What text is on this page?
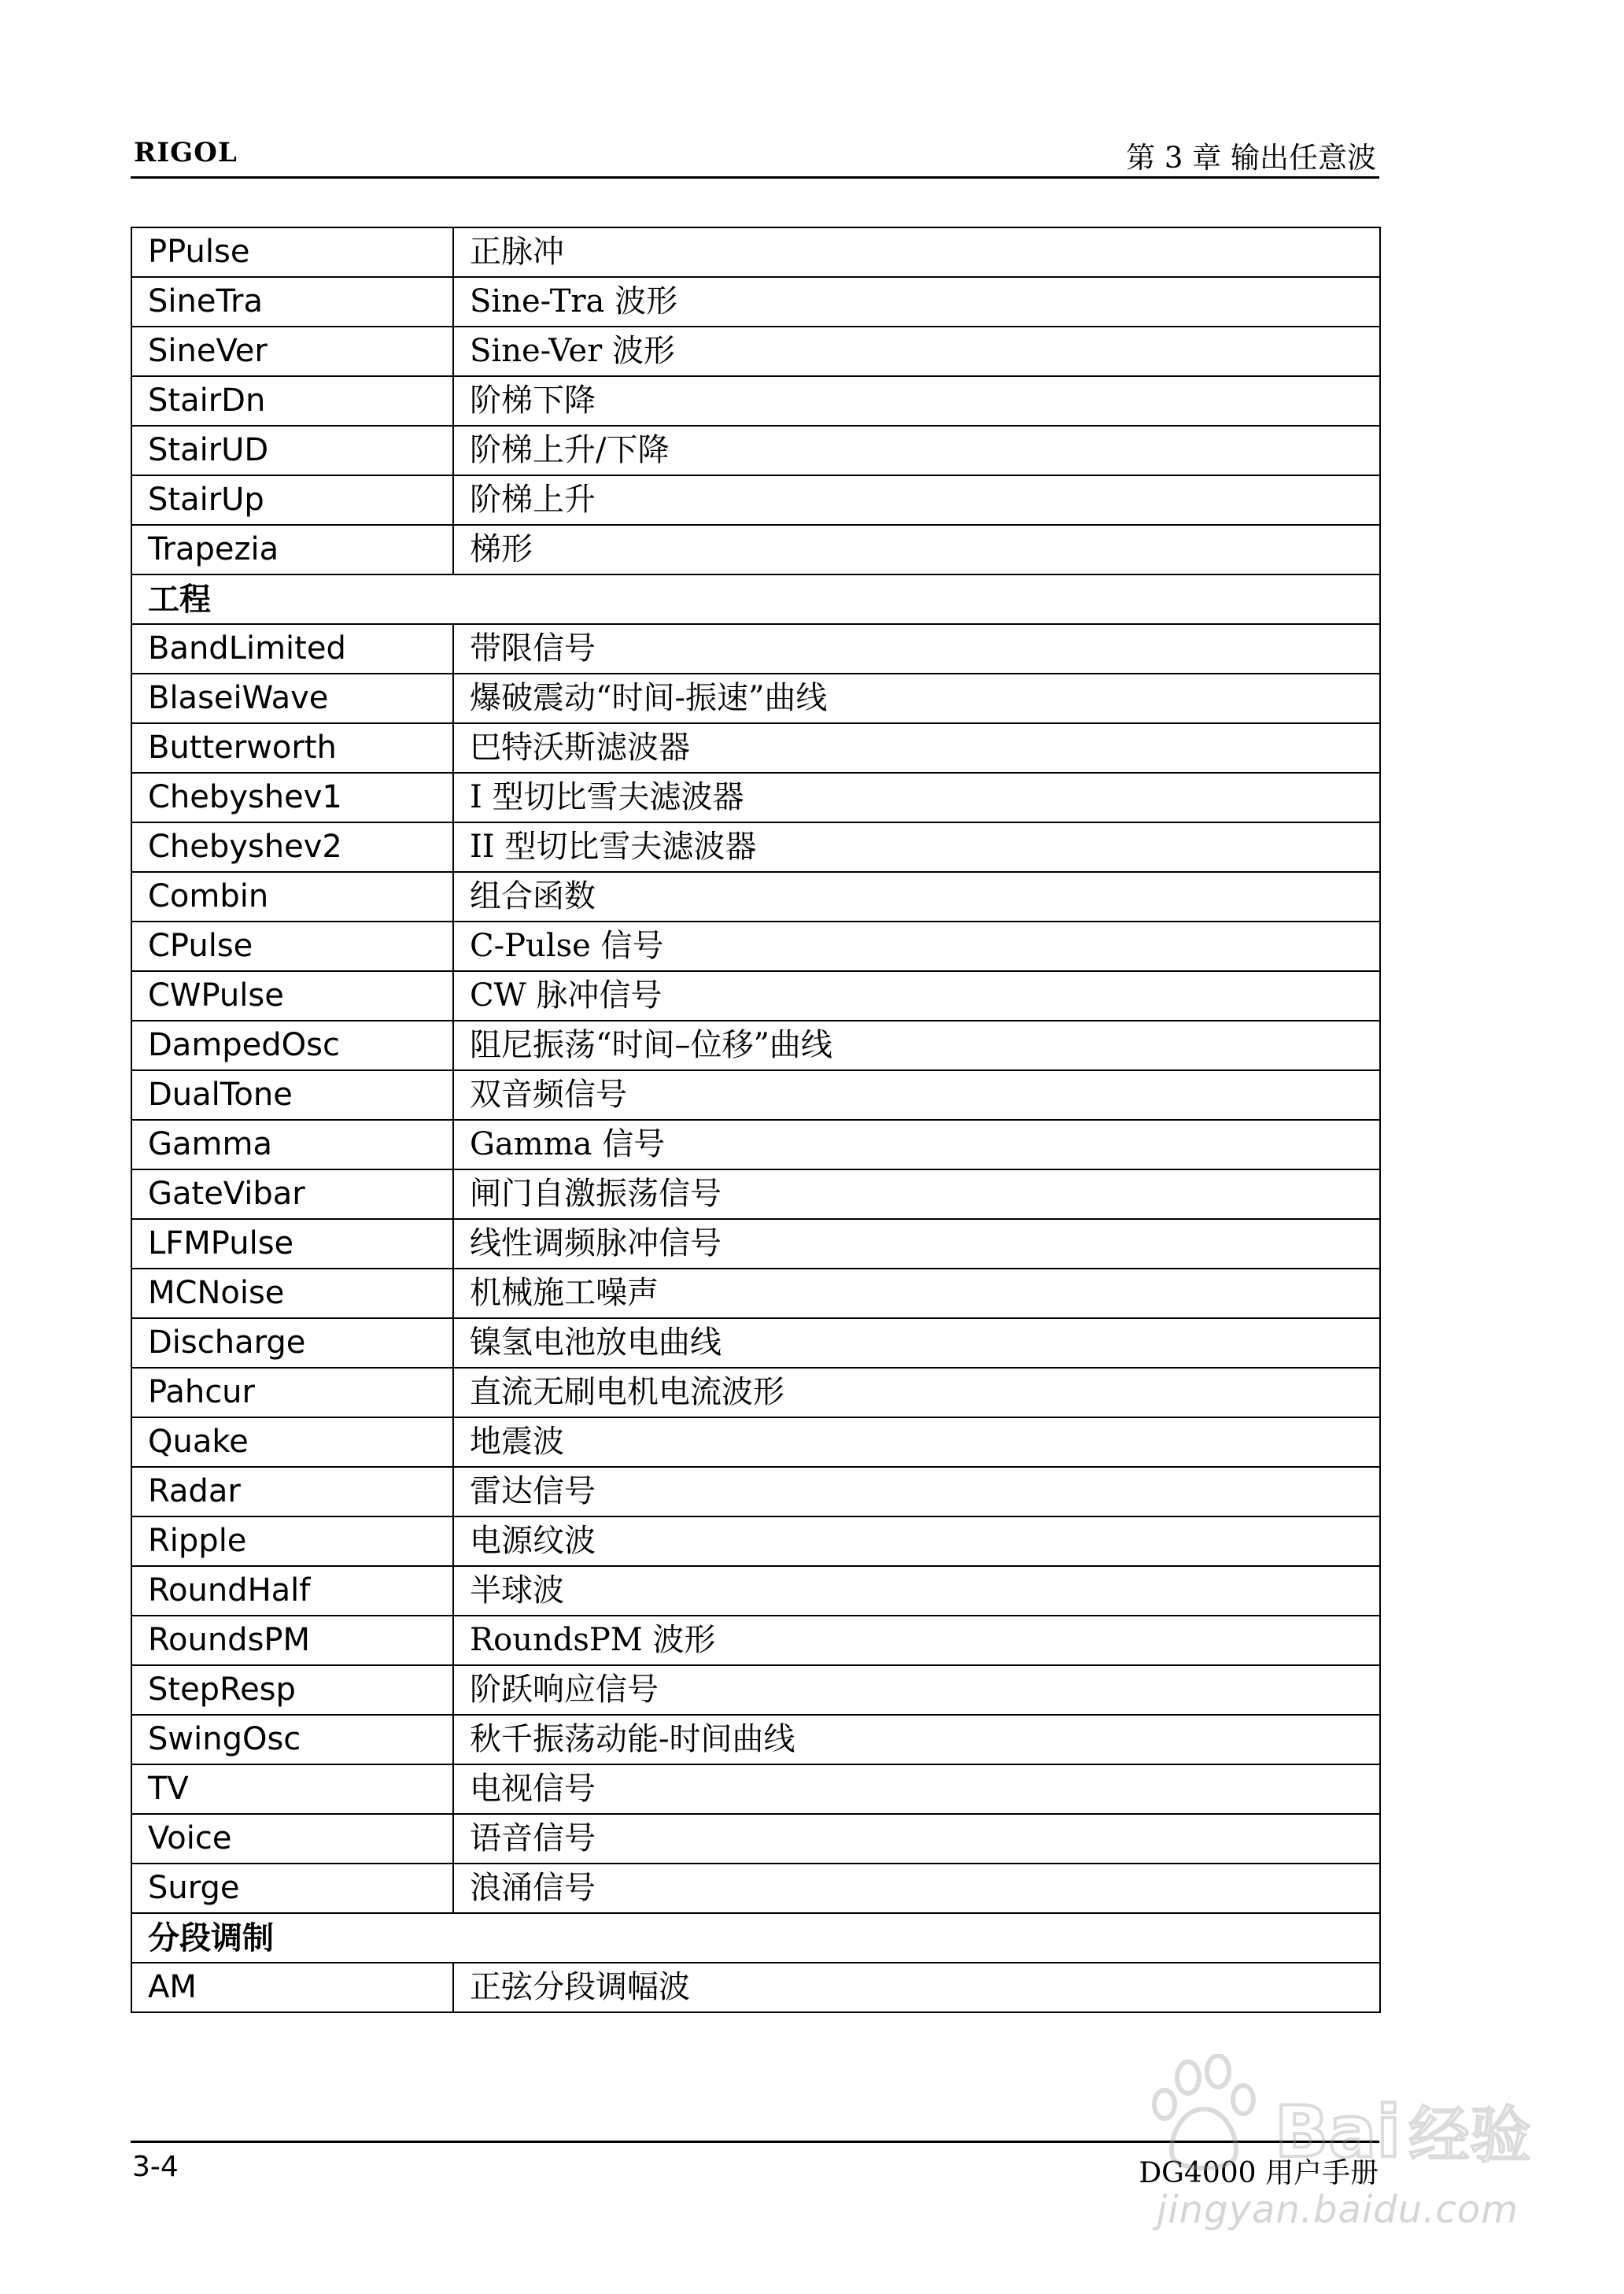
RIGOL	第 3 章 输出任意波
PPulse	正脉冲
SineTra	Sine-Tra 波形
SineVer	Sine-Ver 波形
StairDn	阶梯下降
StairUD	阶梯上升/下降
StairUp	阶梯上升
Trapezia	梯形
工程	
BandLimited	带限信号
BlaseiWave	爆破震动“时间-振速”曲线
Butterworth	巴特沃斯滤波器
Chebyshev1	I 型切比雪夫滤波器
Chebyshev2	II 型切比雪夫滤波器
Combin	组合函数
CPulse	C-Pulse 信号
CWPulse	CW 脉冲信号
DampedOsc	阻尼振荡“时间–位移”曲线
DualTone	双音频信号
Gamma	Gamma 信号
GateVibar	闸门自激振荡信号
LFMPulse	线性调频脉冲信号
MCNoise	机械施工噪声
Discharge	镍氢电池放电曲线
Pahcur	直流无刷电机电流波形
Quake	地震波
Radar	雷达信号
Ripple	电源纹波
RoundHalf	半球波
RoundsPM	RoundsPM 波形
StepResp	阶跃响应信号
SwingOsc	秋千振荡动能-时间曲线
TV	电视信号
Voice	语音信号
Surge	浪涌信号
分段调制	
AM	正弦分段调幅波
3-4	DG4000 用户手册
Bai 经验
jingyan.baidu.com
